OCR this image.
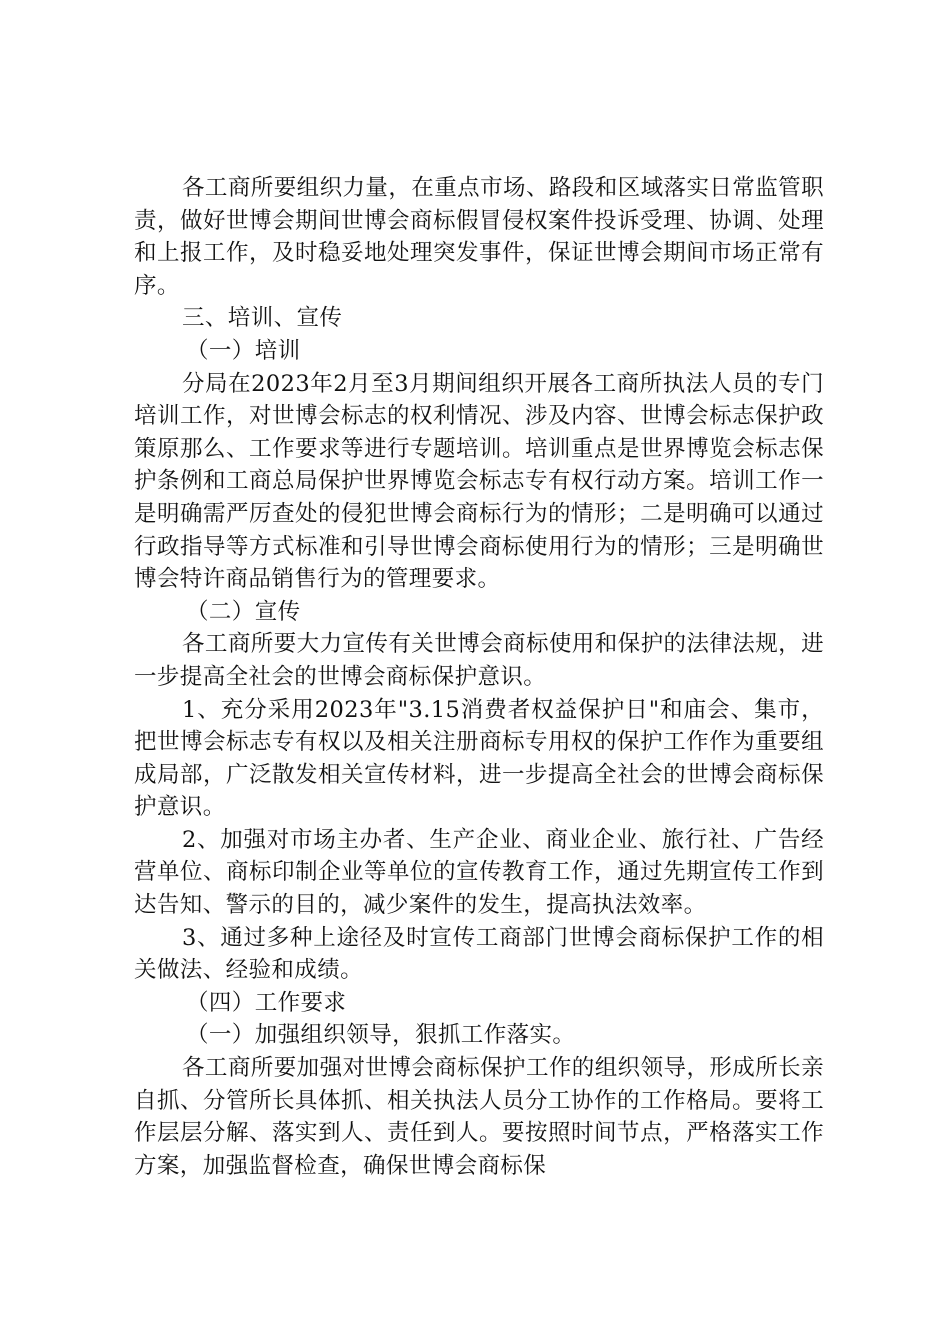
各工商所要组织力量，在重点市场、路段和区域落实日常监管职责，做好世博会期间世博会商标假冒侵权案件投诉受理、协调、处理和上报工作，及时稳妥地处理突发事件，保证世博会期间市场正常有序。

三、培训、宣传

（一）培训

分局在2023年2月至3月期间组织开展各工商所执法人员的专门培训工作，对世博会标志的权利情况、涉及内容、世博会标志保护政策原那么、工作要求等进行专题培训。培训重点是世界博览会标志保护条例和工商总局保护世界博览会标志专有权行动方案。培训工作一是明确需严厉查处的侵犯世博会商标行为的情形；二是明确可以通过行政指导等方式标准和引导世博会商标使用行为的情形；三是明确世博会特许商品销售行为的管理要求。

（二）宣传

各工商所要大力宣传有关世博会商标使用和保护的法律法规，进一步提高全社会的世博会商标保护意识。

1、充分采用2023年"3.15消费者权益保护日"和庙会、集市，把世博会标志专有权以及相关注册商标专用权的保护工作作为重要组成局部，广泛散发相关宣传材料，进一步提高全社会的世博会商标保护意识。

2、加强对市场主办者、生产企业、商业企业、旅行社、广告经营单位、商标印制企业等单位的宣传教育工作，通过先期宣传工作到达告知、警示的目的，减少案件的发生，提高执法效率。

3、通过多种上途径及时宣传工商部门世博会商标保护工作的相关做法、经验和成绩。

（四）工作要求

（一）加强组织领导，狠抓工作落实。

各工商所要加强对世博会商标保护工作的组织领导，形成所长亲自抓、分管所长具体抓、相关执法人员分工协作的工作格局。要将工作层层分解、落实到人、责任到人。要按照时间节点，严格落实工作方案，加强监督检查，确保世博会商标保
